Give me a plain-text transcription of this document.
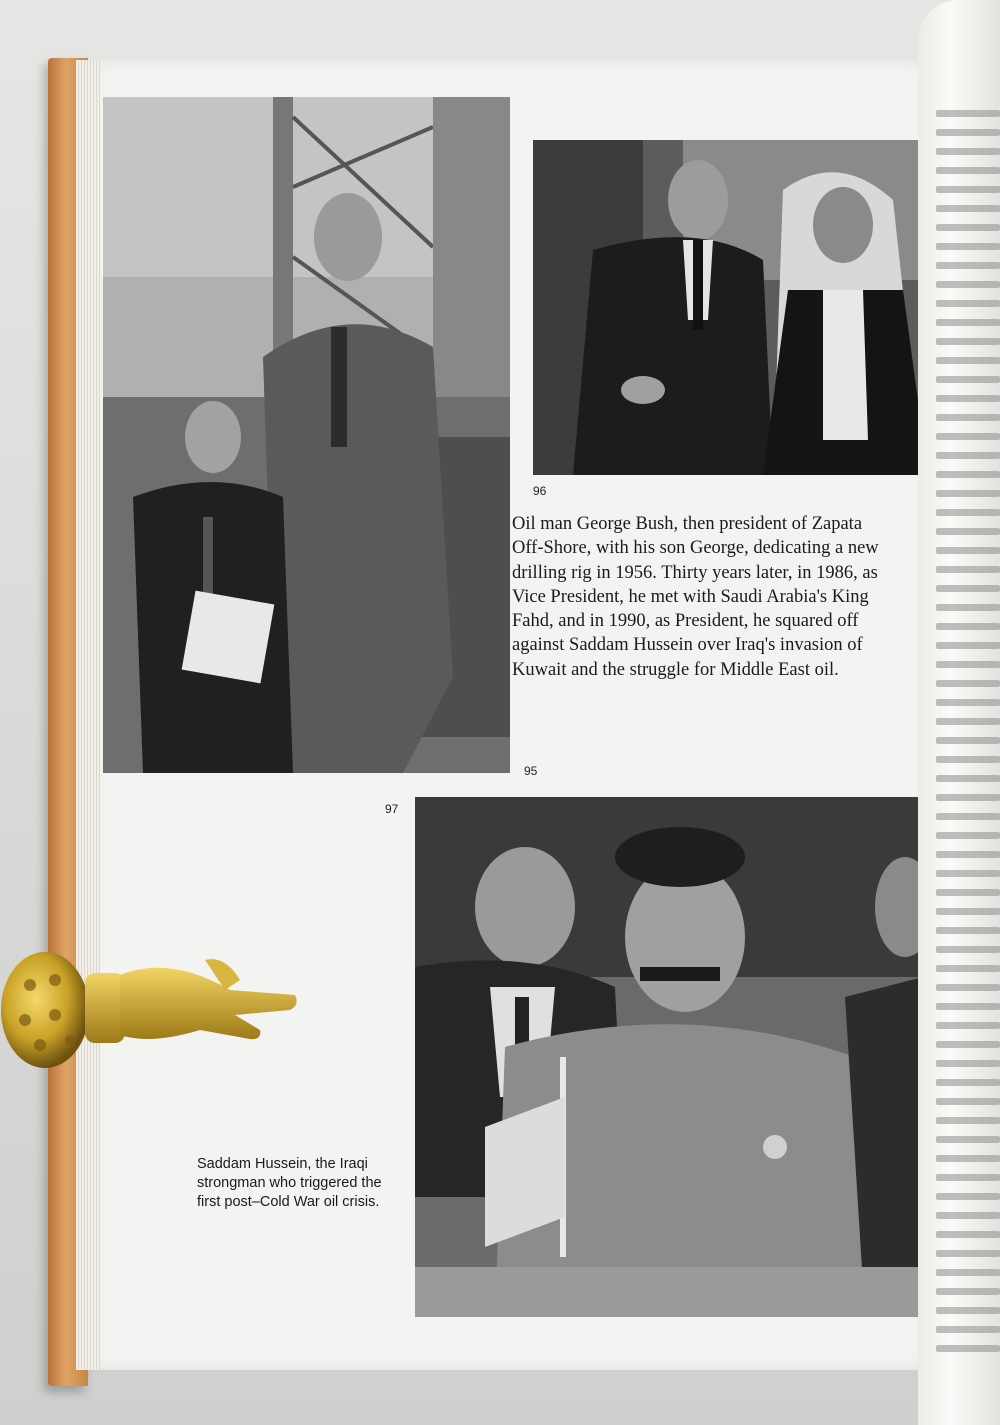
96
95
97
Oil man George Bush, then president of Zapata Off-Shore, with his son George, dedicating a new drilling rig in 1956. Thirty years later, in 1986, as Vice President, he met with Saudi Arabia's King Fahd, and in 1990, as President, he squared off against Saddam Hussein over Iraq's invasion of Kuwait and the struggle for Middle East oil.
Saddam Hussein, the Iraqi strongman who triggered the first post–Cold War oil crisis.
